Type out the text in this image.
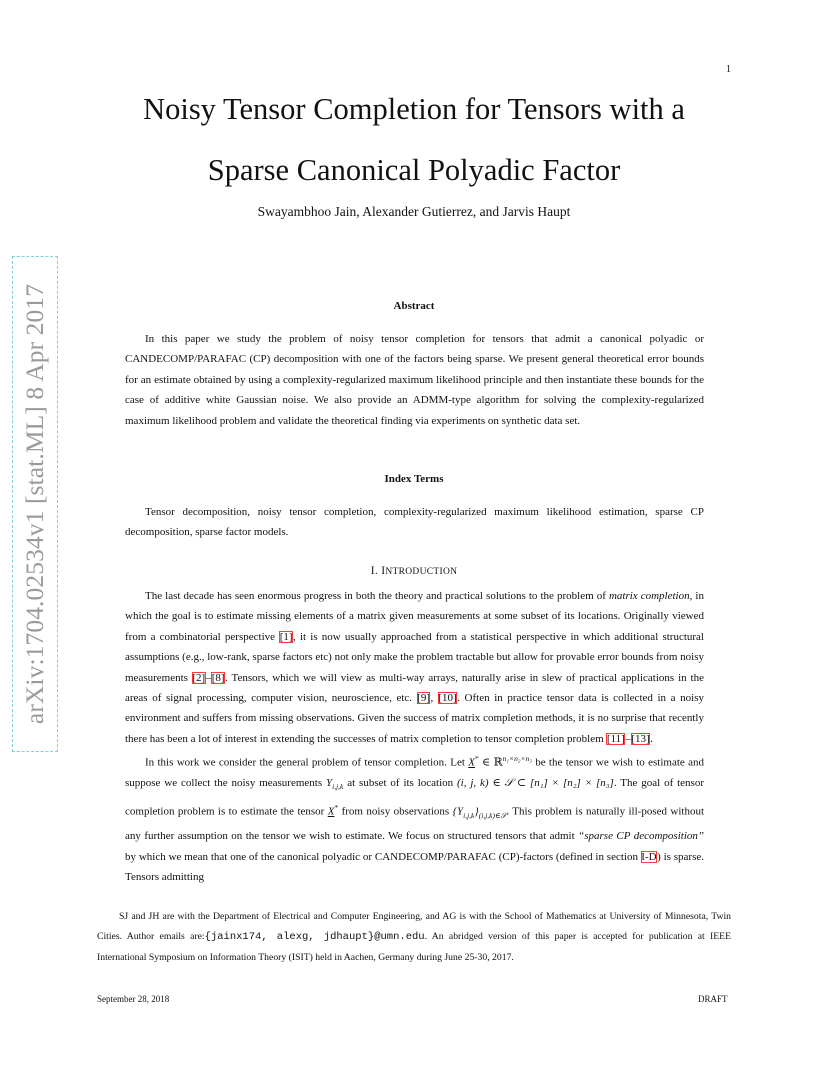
1
Noisy Tensor Completion for Tensors with a
Sparse Canonical Polyadic Factor
Swayambhoo Jain, Alexander Gutierrez, and Jarvis Haupt
arXiv:1704.02534v1 [stat.ML] 8 Apr 2017	Abstract

In this paper we study the problem of noisy tensor completion for tensors that admit a canonical polyadic or CANDECOMP/PARAFAC (CP) decomposition with one of the factors being sparse. We present general theoretical error bounds for an estimate obtained by using a complexity-regularized maximum likelihood principle and then instantiate these bounds for the case of additive white Gaussian noise. We also provide an ADMM-type algorithm for solving the complexity-regularized maximum likelihood problem and validate the theoretical finding via experiments on synthetic data set.

Index Terms

Tensor decomposition, noisy tensor completion, complexity-regularized maximum likelihood estimation, sparse CP decomposition, sparse factor models.

I. INTRODUCTION

The last decade has seen enormous progress in both the theory and practical solutions to the problem of matrix completion, in which the goal is to estimate missing elements of a matrix given measurements at some subset of its locations. Originally viewed from a combinatorial perspective [1], it is now usually approached from a statistical perspective in which additional structural assumptions (e.g., low-rank, sparse factors etc) not only make the problem tractable but allow for provable error bounds from noisy measurements [2]–[8]. Tensors, which we will view as multi-way arrays, naturally arise in slew of practical applications in the areas of signal processing, computer vision, neuroscience, etc. [9], [10]. Often in practice tensor data is collected in a noisy environment and suffers from missing observations. Given the success of matrix completion methods, it is no surprise that recently there has been a lot of interest in extending the successes of matrix completion to tensor completion problem [11]–[13].

In this work we consider the general problem of tensor completion. Let X* ∈ ℝ$^{n_1\times n_2\times n_3}$ be the tensor we wish to estimate and suppose we collect the noisy measurements $Y_{i,j,k}$ at subset of its location (i, j, k) ∈ 𝒮 ⊂ [n₁] × [n₂] × [n₃]. The goal of tensor completion problem is to estimate the tensor X* from noisy observations $\{Y_{i,j,k}\}_{(i,j,k)\in 𝒮}$. This problem is naturally ill-posed without any further assumption on the tensor we wish to estimate. We focus on structured tensors that admit “sparse CP decomposition” by which we mean that one of the canonical polyadic or CANDECOMP/PARAFAC (CP)-factors (defined in section I-D) is sparse. Tensors admitting

SJ and JH are with the Department of Electrical and Computer Engineering, and AG is with the School of Mathematics at University of Minnesota, Twin Cities. Author emails are:{jainx174, alexg, jdhaupt}@umn.edu. An abridged version of this paper is accepted for publication at IEEE International Symposium on Information Theory (ISIT) held in Aachen, Germany during June 25-30, 2017.

September 28, 2018	DRAFT
